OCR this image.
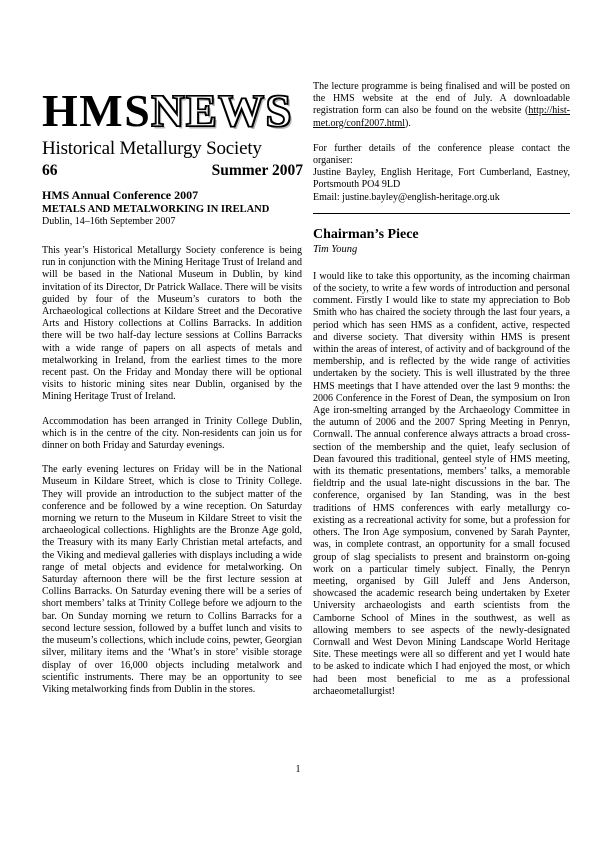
HMSNEWS
Historical Metallurgy Society
66	Summer 2007
HMS Annual Conference 2007
METALS AND METALWORKING IN IRELAND
Dublin, 14–16th September 2007

This year’s Historical Metallurgy Society conference is being run in conjunction with the Mining Heritage Trust of Ireland and will be based in the National Museum in Dublin, by kind invitation of its Director, Dr Patrick Wallace. There will be visits guided by four of the Museum’s curators to both the Archaeological collections at Kildare Street and the Decorative Arts and History collections at Collins Barracks. In addition there will be two half-day lecture sessions at Collins Barracks with a wide range of papers on all aspects of metals and metalworking in Ireland, from the earliest times to the more recent past. On the Friday and Monday there will be optional visits to historic mining sites near Dublin, organised by the Mining Heritage Trust of Ireland.

Accommodation has been arranged in Trinity College Dublin, which is in the centre of the city. Non-residents can join us for dinner on both Friday and Saturday evenings.

The early evening lectures on Friday will be in the National Museum in Kildare Street, which is close to Trinity College. They will provide an introduction to the subject matter of the conference and be followed by a wine reception. On Saturday morning we return to the Museum in Kildare Street to visit the archaeological collections. Highlights are the Bronze Age gold, the Treasury with its many Early Christian metal artefacts, and the Viking and medieval galleries with displays including a wide range of metal objects and evidence for metalworking. On Saturday afternoon there will be the first lecture session at Collins Barracks. On Saturday evening there will be a series of short members’ talks at Trinity College before we adjourn to the bar. On Sunday morning we return to Collins Barracks for a second lecture session, followed by a buffet lunch and visits to the museum’s collections, which include coins, pewter, Georgian silver, military items and the ‘What’s in store’ visible storage display of over 16,000 objects including metalwork and scientific instruments. There may be an opportunity to see Viking metalworking finds from Dublin in the stores.

The lecture programme is being finalised and will be posted on the HMS website at the end of July. A downloadable registration form can also be found on the website (http://hist-met.org/conf2007.html).

For further details of the conference please contact the organiser:

Justine Bayley, English Heritage, Fort Cumberland, Eastney, Portsmouth PO4 9LD

Email: justine.bayley@english-heritage.org.uk

Chairman’s Piece
Tim Young

I would like to take this opportunity, as the incoming chairman of the society, to write a few words of introduction and personal comment. Firstly I would like to state my appreciation to Bob Smith who has chaired the society through the last four years, a period which has seen HMS as a confident, active, respected and diverse society. That diversity within HMS is present within the areas of interest, of activity and of background of the membership, and is reflected by the wide range of activities undertaken by the society. This is well illustrated by the three HMS meetings that I have attended over the last 9 months: the 2006 Conference in the Forest of Dean, the symposium on Iron Age iron-smelting arranged by the Archaeology Committee in the autumn of 2006 and the 2007 Spring Meeting in Penryn, Cornwall. The annual conference always attracts a broad cross-section of the membership and the quiet, leafy seclusion of Dean favoured this traditional, genteel style of HMS meeting, with its thematic presentations, members’ talks, a memorable fieldtrip and the usual late-night discussions in the bar. The conference, organised by Ian Standing, was in the best traditions of HMS conferences with early metallurgy co-existing as a recreational activity for some, but a profession for others. The Iron Age symposium, convened by Sarah Paynter, was, in complete contrast, an opportunity for a small focused group of slag specialists to present and brainstorm on-going work on a particular timely subject. Finally, the Penryn meeting, organised by Gill Juleff and Jens Anderson, showcased the academic research being undertaken by Exeter University archaeologists and earth scientists from the Camborne School of Mines in the southwest, as well as allowing members to see aspects of the newly-designated Cornwall and West Devon Mining Landscape World Heritage Site. These meetings were all so different and yet I would hate to be asked to indicate which I had enjoyed the most, or which had been most beneficial to me as a professional archaeometallurgist!

1
